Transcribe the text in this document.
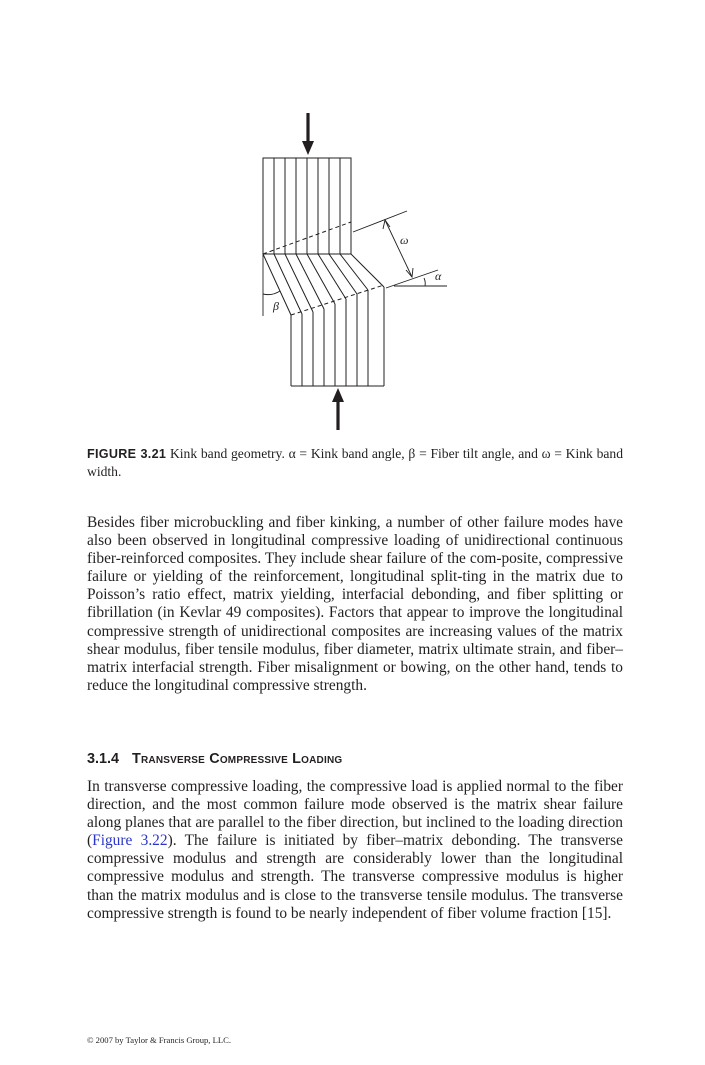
ω
α
β
FIGURE 3.21 Kink band geometry. α = Kink band angle, β = Fiber tilt angle, and ω = Kink band width.

Besides fiber microbuckling and fiber kinking, a number of other failure modes have also been observed in longitudinal compressive loading of unidirectional continuous fiber-reinforced composites. They include shear failure of the com-posite, compressive failure or yielding of the reinforcement, longitudinal split-ting in the matrix due to Poisson’s ratio effect, matrix yielding, interfacial debonding, and fiber splitting or fibrillation (in Kevlar 49 composites). Factors that appear to improve the longitudinal compressive strength of unidirectional composites are increasing values of the matrix shear modulus, fiber tensile modulus, fiber diameter, matrix ultimate strain, and fiber–matrix interfacial strength. Fiber misalignment or bowing, on the other hand, tends to reduce the longitudinal compressive strength.

3.1.4 Transverse Compressive Loading

In transverse compressive loading, the compressive load is applied normal to the fiber direction, and the most common failure mode observed is the matrix shear failure along planes that are parallel to the fiber direction, but inclined to the loading direction (Figure 3.22). The failure is initiated by fiber–matrix debonding. The transverse compressive modulus and strength are considerably lower than the longitudinal compressive modulus and strength. The transverse compressive modulus is higher than the matrix modulus and is close to the transverse tensile modulus. The transverse compressive strength is found to be nearly independent of fiber volume fraction [15].

© 2007 by Taylor & Francis Group, LLC.
